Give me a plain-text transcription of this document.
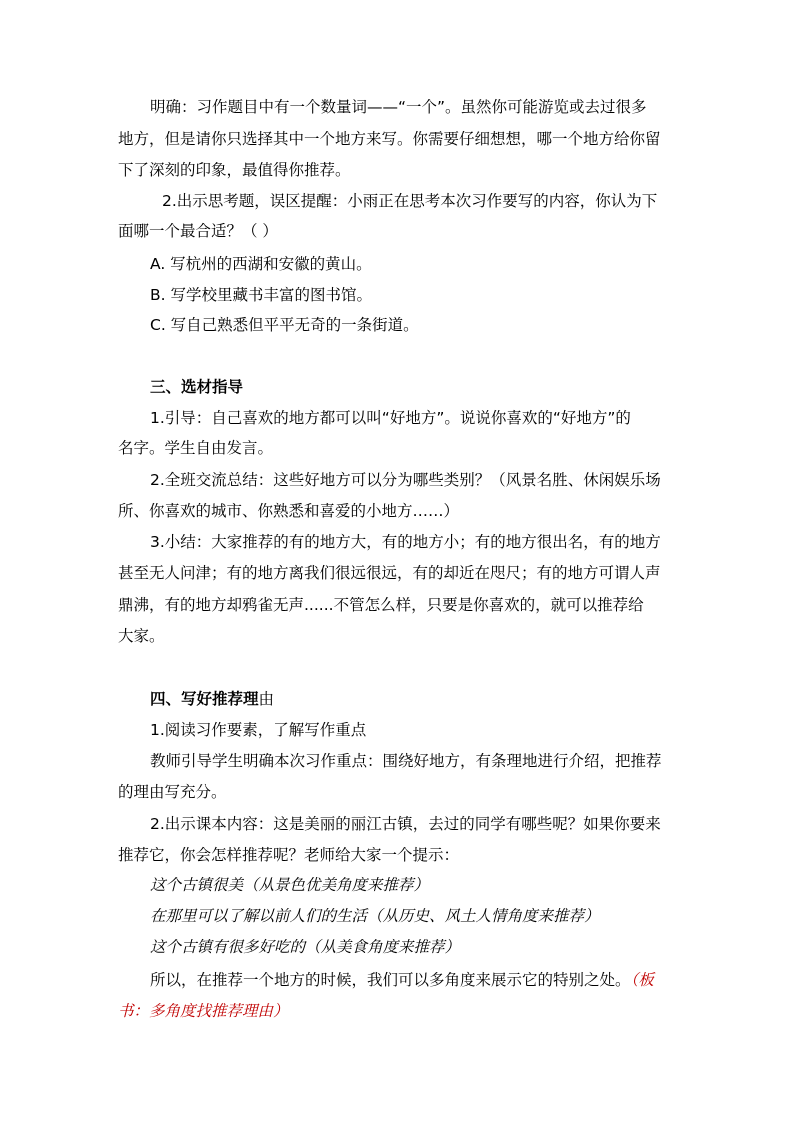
明确：习作题目中有一个数量词——“一个”。虽然你可能游览或去过很多

地方，但是请你只选择其中一个地方来写。你需要仔细想想，哪一个地方给你留

下了深刻的印象，最值得你推荐。

2.出示思考题，误区提醒：小雨正在思考本次习作要写的内容，你认为下

面哪一个最合适？（ ）

A. 写杭州的西湖和安徽的黄山。

B. 写学校里藏书丰富的图书馆。

C. 写自己熟悉但平平无奇的一条街道。

三、选材指导

1.引导：自己喜欢的地方都可以叫“好地方”。说说你喜欢的“好地方”的

名字。学生自由发言。

2.全班交流总结：这些好地方可以分为哪些类别？（风景名胜、休闲娱乐场

所、你喜欢的城市、你熟悉和喜爱的小地方……）

3.小结：大家推荐的有的地方大，有的地方小；有的地方很出名，有的地方

甚至无人问津；有的地方离我们很远很远，有的却近在咫尺；有的地方可谓人声

鼎沸，有的地方却鸦雀无声......不管怎么样，只要是你喜欢的，就可以推荐给

大家。

四、写好推荐理由

1.阅读习作要素，了解写作重点

教师引导学生明确本次习作重点：围绕好地方，有条理地进行介绍，把推荐

的理由写充分。

2.出示课本内容：这是美丽的丽江古镇，去过的同学有哪些呢？如果你要来

推荐它，你会怎样推荐呢？老师给大家一个提示：

这个古镇很美（从景色优美角度来推荐）

在那里可以了解以前人们的生活（从历史、风土人情角度来推荐）

这个古镇有很多好吃的（从美食角度来推荐）

所以，在推荐一个地方的时候，我们可以多角度来展示它的特别之处。（板

书：多角度找推荐理由）
